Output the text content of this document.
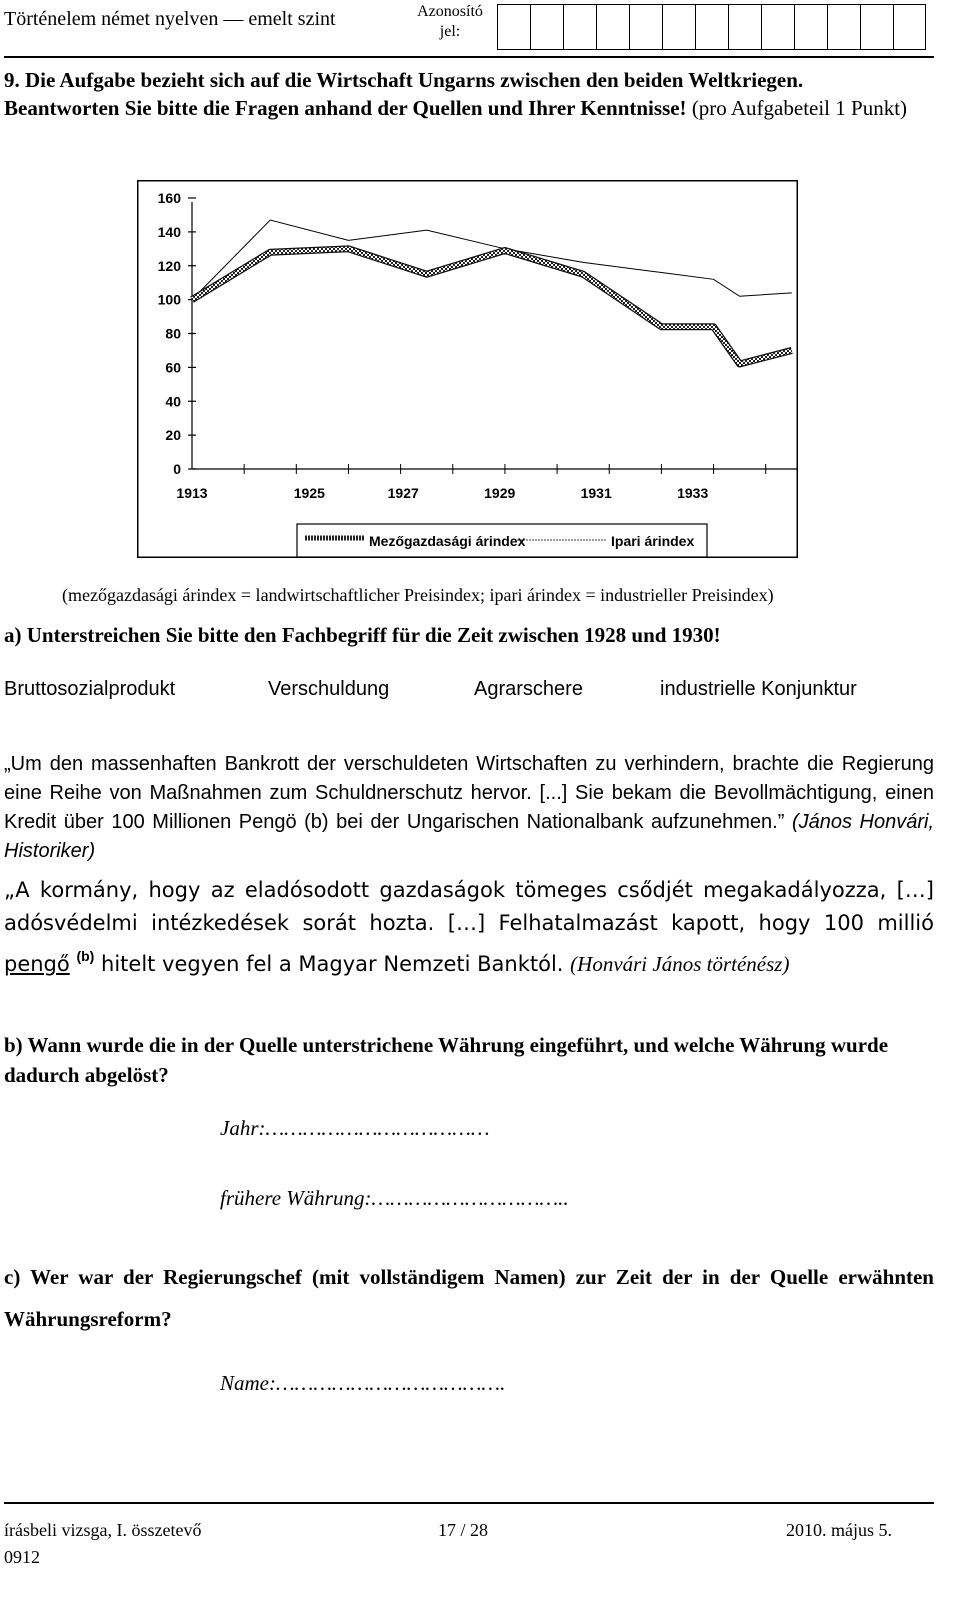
Történelem német nyelven — emelt szint	Azonosító
jel:
9. Die Aufgabe bezieht sich auf die Wirtschaft Ungarns zwischen den beiden Weltkriegen.
Beantworten Sie bitte die Fragen anhand der Quellen und Ihrer Kenntnisse! (pro Aufgabeteil 1 Punkt)
0
20
40
60
80
100
120
140
160
1913	1925	1927	1929	1931	1933
Mezőgazdasági árindex	Ipari árindex
(mezőgazdasági árindex = landwirtschaftlicher Preisindex; ipari árindex = industrieller Preisindex)
a) Unterstreichen Sie bitte den Fachbegriff für die Zeit zwischen 1928 und 1930!
Bruttosozialprodukt	Verschuldung	Agrarschere	industrielle Konjunktur
„Um den massenhaften Bankrott der verschuldeten Wirtschaften zu verhindern, brachte die Regierung eine Reihe von Maßnahmen zum Schuldnerschutz hervor. [...] Sie bekam die Bevollmächtigung, einen Kredit über 100 Millionen Pengö (b) bei der Ungarischen Nationalbank aufzunehmen.” (János Honvári, Historiker)
„A kormány, hogy az eladósodott gazdaságok tömeges csődjét megakadályozza, […] adósvédelmi intézkedések sorát hozta. […] Felhatalmazást kapott, hogy 100 millió pengő $^{(b)}$ hitelt vegyen fel a Magyar Nemzeti Banktól. (Honvári János történész)
b) Wann wurde die in der Quelle unterstrichene Währung eingeführt, und welche Währung wurde dadurch abgelöst?
Jahr:………………………………
frühere Währung:…………………………..
c) Wer war der Regierungschef (mit vollständigem Namen) zur Zeit der in der Quelle erwähnten Währungsreform?
Name:……………………………….
írásbeli vizsga, I. összetevő	17 / 28	2010. május 5.
0912
